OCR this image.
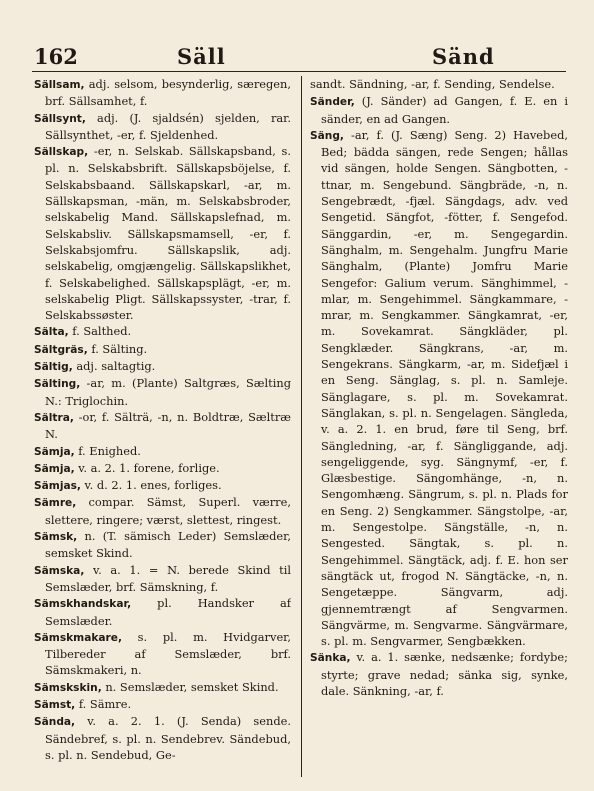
162	Säll	Sänd

Sällsam, adj. selsom, besynderlig, særegen, brf. Sällsamhet, f.

Sällsynt, adj. (J. sjaldsén) sjelden, rar. Sällsynthet, -er, f. Sjeldenhed.

Sällskap, -er, n. Selskab. Sällskapsband, s. pl. n. Selskabsbrift. Sällskapsböjelse, f. Selskabsbaand. Sällskapskarl, -ar, m. Sällskapsman, -män, m. Selskabsbroder, selskabelig Mand. Sällskapslefnad, m. Selskabsliv. Sällskapsmamsell, -er, f. Selskabsjomfru. Sällskapslik, adj. selskabelig, omgjængelig. Sällskapslikhet, f. Selskabelighed. Sällskapsplägt, -er, m. selskabelig Pligt. Sällskapssyster, -trar, f. Selskabssøster.

Sälta, f. Salthed.

Sältgräs, f. Sälting.

Sältig, adj. saltagtig.

Sälting, -ar, m. (Plante) Saltgræs, Sælting N.: Triglochin.

Sältra, -or, f. Sälträ, -n, n. Boldtræ, Sæltræ N.

Sämja, f. Enighed.

Sämja, v. a. 2. 1. forene, forlige.

Sämjas, v. d. 2. 1. enes, forliges.

Sämre, compar. Sämst, Superl. værre, slettere, ringere; værst, slettest, ringest.

Sämsk, n. (T. sämisch Leder) Semslæder, semsket Skind.

Sämska, v. a. 1. = N. berede Skind til Semslæder, brf. Sämskning, f.

Sämskhandskar, pl. Handsker af Semslæder.

Sämskmakare, s. pl. m. Hvidgarver, Tilbereder af Semslæder, brf. Sämskmakeri, n.

Sämskskin, n. Semslæder, semsket Skind.

Sämst, f. Sämre.

Sända, v. a. 2. 1. (J. Senda) sende. Sändebref, s. pl. n. Sendebrev. Sändebud, s. pl. n. Sendebud, Ge-

sandt. Sändning, -ar, f. Sending, Sendelse.

Sänder, (J. Sänder) ad Gangen, f. E. en i sänder, en ad Gangen.

Säng, -ar, f. (J. Sæng) Seng. 2) Havebed, Bed; bädda sängen, rede Sengen; hållas vid sängen, holde Sengen. Sängbotten, -ttnar, m. Sengebund. Sängbräde, -n, n. Sengebrædt, -fjæl. Sängdags, adv. ved Sengetid. Sängfot, -fötter, f. Sengefod. Sänggardin, -er, m. Sengegardin. Sänghalm, m. Sengehalm. Jungfru Marie Sänghalm, (Plante) Jomfru Marie Sengefor: Galium verum. Sänghimmel, -mlar, m. Sengehimmel. Sängkammare, -mrar, m. Sengkammer. Sängkamrat, -er, m. Sovekamrat. Sängkläder, pl. Sengklæder. Sängkrans, -ar, m. Sengekrans. Sängkarm, -ar, m. Sidefjæl i en Seng. Sänglag, s. pl. n. Samleje. Sänglagare, s. pl. m. Sovekamrat. Sänglakan, s. pl. n. Sengelagen. Sängleda, v. a. 2. 1. en brud, føre til Seng, brf. Sängledning, -ar, f. Sängliggande, adj. sengeliggende, syg. Sängnymf, -er, f. Glæsbestige. Sängomhänge, -n, n. Sengomhæng. Sängrum, s. pl. n. Plads for en Seng. 2) Sengkammer. Sängstolpe, -ar, m. Sengestolpe. Sängställe, -n, n. Sengested. Sängtak, s. pl. n. Sengehimmel. Sängtäck, adj. f. E. hon ser sängtäck ut, frogod N. Sängtäcke, -n, n. Sengetæppe. Sängvarm, adj. gjennemtrængt af Sengvarmen. Sängvärme, m. Sengvarme. Sängvärmare, s. pl. m. Sengvarmer, Sengbækken.

Sänka, v. a. 1. sænke, nedsænke; fordybe; styrte; grave nedad; sänka sig, synke, dale. Sänkning, -ar, f.
